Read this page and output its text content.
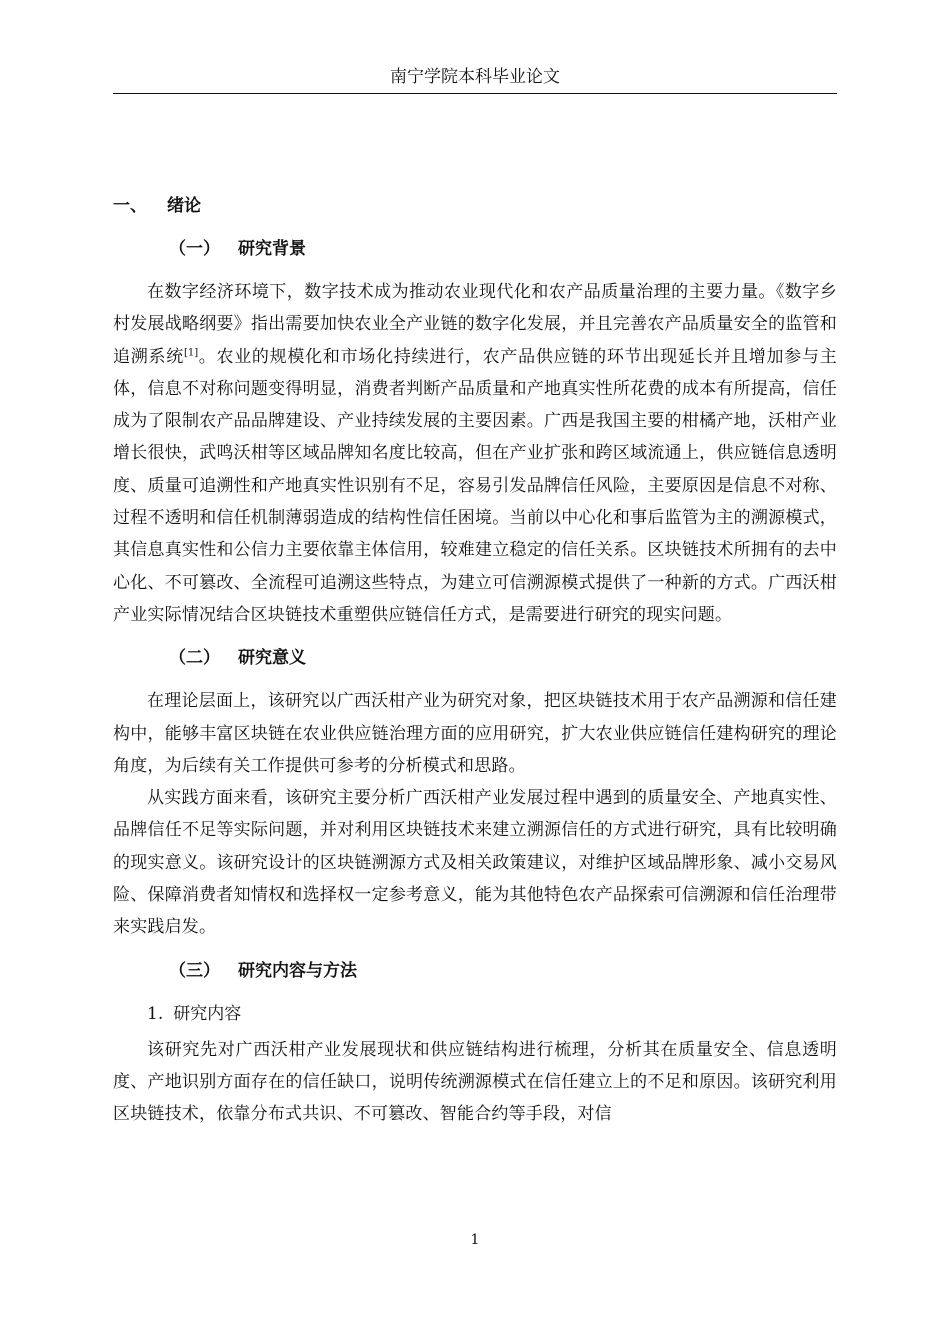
南宁学院本科毕业论文
一、 绪论
（一） 研究背景

在数字经济环境下，数字技术成为推动农业现代化和农产品质量治理的主要力量。《数字乡村发展战略纲要》指出需要加快农业全产业链的数字化发展，并且完善农产品质量安全的监管和追溯系统[1]。农业的规模化和市场化持续进行，农产品供应链的环节出现延长并且增加参与主体，信息不对称问题变得明显，消费者判断产品质量和产地真实性所花费的成本有所提高，信任成为了限制农产品品牌建设、产业持续发展的主要因素。广西是我国主要的柑橘产地，沃柑产业增长很快，武鸣沃柑等区域品牌知名度比较高，但在产业扩张和跨区域流通上，供应链信息透明度、质量可追溯性和产地真实性识别有不足，容易引发品牌信任风险，主要原因是信息不对称、过程不透明和信任机制薄弱造成的结构性信任困境。当前以中心化和事后监管为主的溯源模式，其信息真实性和公信力主要依靠主体信用，较难建立稳定的信任关系。区块链技术所拥有的去中心化、不可篡改、全流程可追溯这些特点，为建立可信溯源模式提供了一种新的方式。广西沃柑产业实际情况结合区块链技术重塑供应链信任方式，是需要进行研究的现实问题。

（二） 研究意义

在理论层面上，该研究以广西沃柑产业为研究对象，把区块链技术用于农产品溯源和信任建构中，能够丰富区块链在农业供应链治理方面的应用研究，扩大农业供应链信任建构研究的理论角度，为后续有关工作提供可参考的分析模式和思路。

从实践方面来看，该研究主要分析广西沃柑产业发展过程中遇到的质量安全、产地真实性、品牌信任不足等实际问题，并对利用区块链技术来建立溯源信任的方式进行研究，具有比较明确的现实意义。该研究设计的区块链溯源方式及相关政策建议，对维护区域品牌形象、减小交易风险、保障消费者知情权和选择权一定参考意义，能为其他特色农产品探索可信溯源和信任治理带来实践启发。

（三） 研究内容与方法
1. 研究内容

该研究先对广西沃柑产业发展现状和供应链结构进行梳理，分析其在质量安全、信息透明度、产地识别方面存在的信任缺口，说明传统溯源模式在信任建立上的不足和原因。该研究利用区块链技术，依靠分布式共识、不可篡改、智能合约等手段，对信

1
